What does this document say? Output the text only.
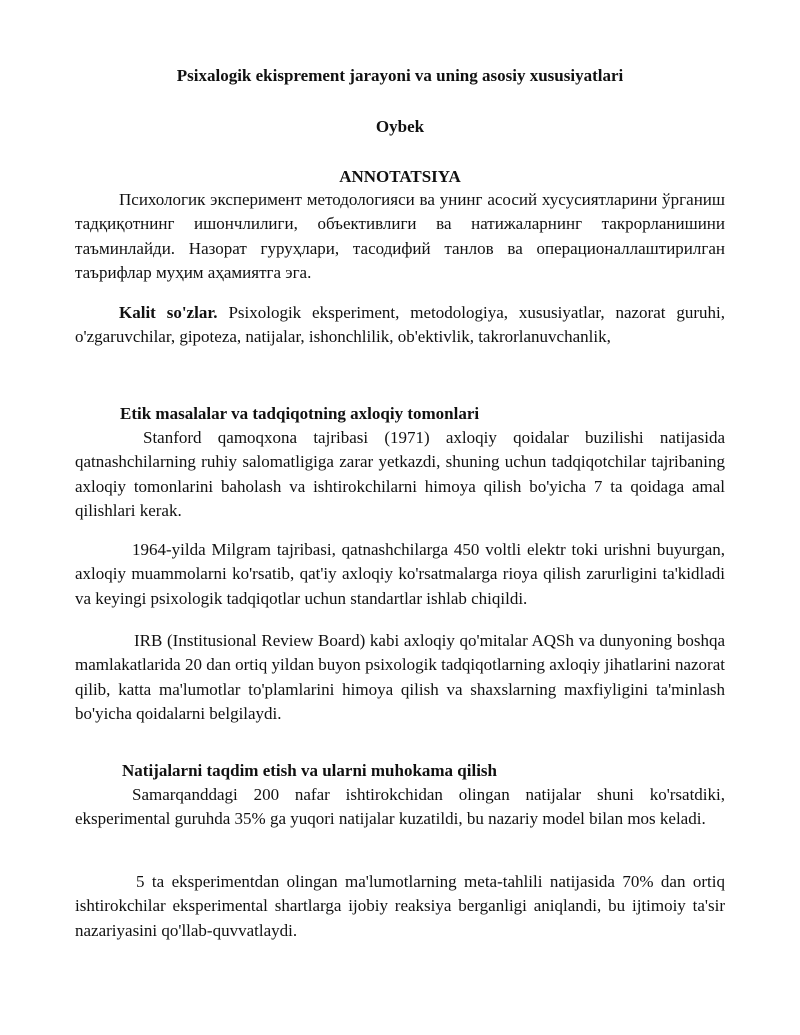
Psixalogik ekisprement jarayoni va uning asosiy xususiyatlari
Oybek
ANNOTATSIYA

Психологик эксперимент методологияси ва унинг асосий хусусиятларини ўрганиш тадқиқотнинг ишончлилиги, объективлиги ва натижаларнинг такрорланишини таъминлайди. Назорат гуруҳлари, тасодифий танлов ва операционаллаштирилган таърифлар муҳим аҳамиятга эга.

Kalit so'zlar. Psixologik eksperiment, metodologiya, xususiyatlar, nazorat guruhi, o'zgaruvchilar, gipoteza, natijalar, ishonchlilik, ob'ektivlik, takrorlanuvchanlik,

Etik masalalar va tadqiqotning axloqiy tomonlari

Stanford qamoqxona tajribasi (1971) axloqiy qoidalar buzilishi natijasida qatnashchilarning ruhiy salomatligiga zarar yetkazdi, shuning uchun tadqiqotchilar tajribaning axloqiy tomonlarini baholash va ishtirokchilarni himoya qilish bo'yicha 7 ta qoidaga amal qilishlari kerak.

1964-yilda Milgram tajribasi, qatnashchilarga 450 voltli elektr toki urishni buyurgan, axloqiy muammolarni ko'rsatib, qat'iy axloqiy ko'rsatmalarga rioya qilish zarurligini ta'kidladi va keyingi psixologik tadqiqotlar uchun standartlar ishlab chiqildi.

IRB (Institusional Review Board) kabi axloqiy qo'mitalar AQSh va dunyoning boshqa mamlakatlarida 20 dan ortiq yildan buyon psixologik tadqiqotlarning axloqiy jihatlarini nazorat qilib, katta ma'lumotlar to'plamlarini himoya qilish va shaxslarning maxfiyligini ta'minlash bo'yicha qoidalarni belgilaydi.

Natijalarni taqdim etish va ularni muhokama qilish

Samarqanddagi 200 nafar ishtirokchidan olingan natijalar shuni ko'rsatdiki, eksperimental guruhda 35% ga yuqori natijalar kuzatildi, bu nazariy model bilan mos keladi.

5 ta eksperimentdan olingan ma'lumotlarning meta-tahlili natijasida 70% dan ortiq ishtirokchilar eksperimental shartlarga ijobiy reaksiya berganligi aniqlandi, bu ijtimoiy ta'sir nazariyasini qo'llab-quvvatlaydi.
